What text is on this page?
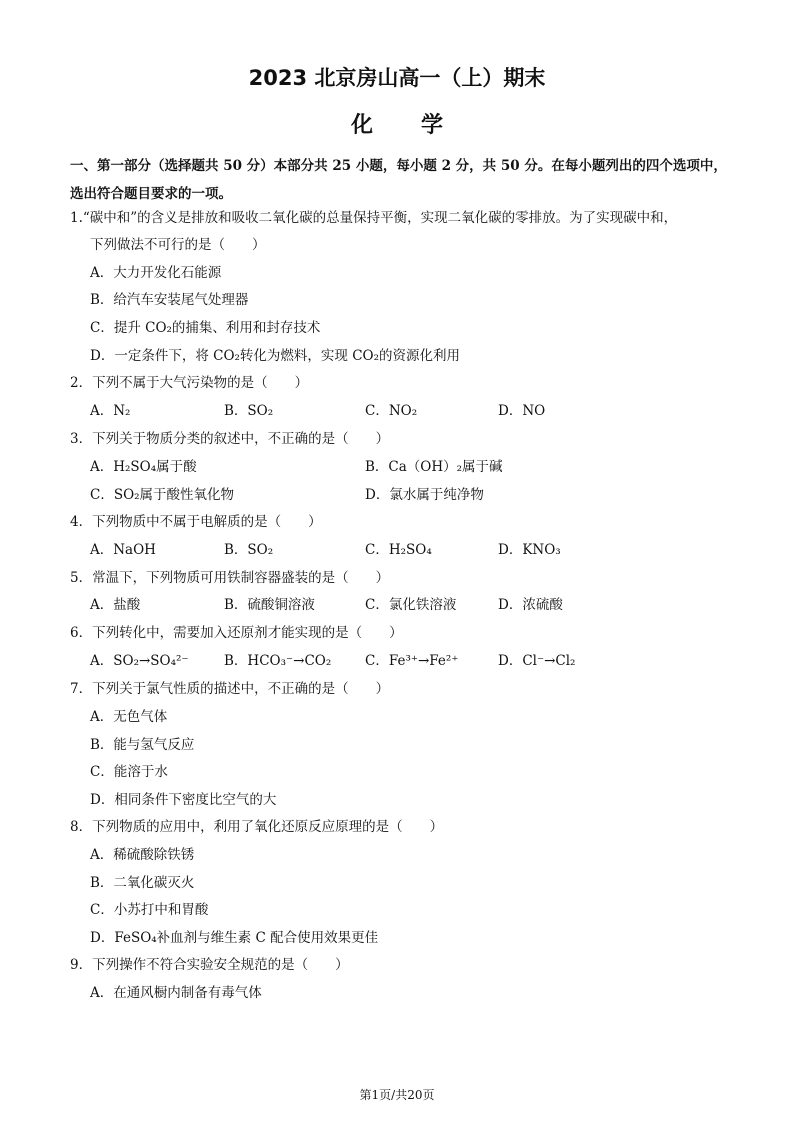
2023 北京房山高一（上）期末
化学
一、第一部分（选择题共 50 分）本部分共 25 小题，每小题 2 分，共 50 分。在每小题列出的四个选项中，
选出符合题目要求的一项。
1.“碳中和”的含义是排放和吸收二氧化碳的总量保持平衡，实现二氧化碳的零排放。为了实现碳中和，
下列做法不可行的是（　　）
A．大力开发化石能源
B．给汽车安装尾气处理器
C．提升 CO₂的捕集、利用和封存技术
D．一定条件下，将 CO₂转化为燃料，实现 CO₂的资源化利用
2．下列不属于大气污染物的是（　　）
A．N₂	B．SO₂	C．NO₂	D．NO
3．下列关于物质分类的叙述中，不正确的是（　　）
A．H₂SO₄属于酸	B．Ca（OH）₂属于碱
C．SO₂属于酸性氧化物	D．氯水属于纯净物
4．下列物质中不属于电解质的是（　　）
A．NaOH	B．SO₂	C．H₂SO₄	D．KNO₃
5．常温下，下列物质可用铁制容器盛装的是（　　）
A．盐酸	B．硫酸铜溶液	C．氯化铁溶液	D．浓硫酸
6．下列转化中，需要加入还原剂才能实现的是（　　）
A．SO₂→SO₄²⁻	B．HCO₃⁻→CO₂	C．Fe³⁺→Fe²⁺	D．Cl⁻→Cl₂
7．下列关于氯气性质的描述中，不正确的是（　　）
A．无色气体
B．能与氢气反应
C．能溶于水
D．相同条件下密度比空气的大
8．下列物质的应用中，利用了氧化还原反应原理的是（　　）
A．稀硫酸除铁锈
B．二氧化碳灭火
C．小苏打中和胃酸
D．FeSO₄补血剂与维生素 C 配合使用效果更佳
9．下列操作不符合实验安全规范的是（　　）
A．在通风橱内制备有毒气体
第1页/共20页
